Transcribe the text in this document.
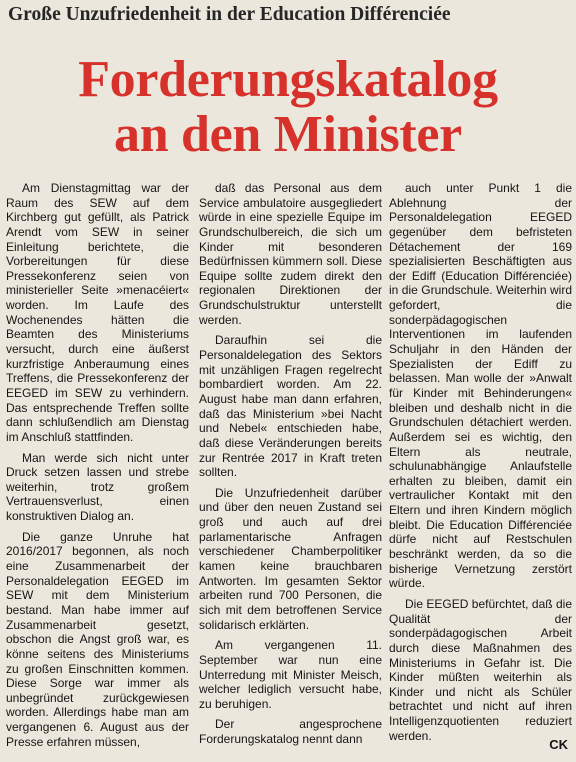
Große Unzufriedenheit in der Education Différenciée
Forderungskatalog
an den Minister

Am Dienstagmittag war der Raum des SEW auf dem Kirchberg gut gefüllt, als Patrick Arendt vom SEW in seiner Einleitung berichtete, die Vorbereitungen für diese Pressekonferenz seien von ministerieller Seite »menacéiert« worden. Im Laufe des Wochenendes hätten die Beamten des Ministeriums versucht, durch eine äußerst kurzfristige Anberaumung eines Treffens, die Pressekonferenz der EEGED im SEW zu verhindern. Das entsprechende Treffen sollte dann schlußendlich am Dienstag im Anschluß stattfinden.

Man werde sich nicht unter Druck setzen lassen und strebe weiterhin, trotz großem Vertrauensverlust, einen konstruktiven Dialog an.

Die ganze Unruhe hat 2016/2017 begonnen, als noch eine Zusammenarbeit der Personaldelegation EEGED im SEW mit dem Ministerium bestand. Man habe immer auf Zusammenarbeit gesetzt, obschon die Angst groß war, es könne seitens des Ministeriums zu großen Einschnitten kommen. Diese Sorge war immer als unbegründet zurückgewiesen worden. Allerdings habe man am vergangenen 6. August aus der Presse erfahren müssen,

daß das Personal aus dem Service ambulatoire ausgegliedert würde in eine spezielle Equipe im Grundschulbereich, die sich um Kinder mit besonderen Bedürfnissen kümmern soll. Diese Equipe sollte zudem direkt den regionalen Direktionen der Grundschulstruktur unterstellt werden.

Daraufhin sei die Personaldelegation des Sektors mit unzähligen Fragen regelrecht bombardiert worden. Am 22. August habe man dann erfahren, daß das Ministerium »bei Nacht und Nebel« entschieden habe, daß diese Veränderungen bereits zur Rentrée 2017 in Kraft treten sollten.

Die Unzufriedenheit darüber und über den neuen Zustand sei groß und auch auf drei parlamentarische Anfragen verschiedener Chamberpolitiker kamen keine brauchbaren Antworten. Im gesamten Sektor arbeiten rund 700 Personen, die sich mit dem betroffenen Service solidarisch erklärten.

Am vergangenen 11. September war nun eine Unterredung mit Minister Meisch, welcher lediglich versucht habe, zu beruhigen.

Der angesprochene Forderungskatalog nennt dann

auch unter Punkt 1 die Ablehnung der Personaldelegation EEGED gegenüber dem befristeten Détachement der 169 spezialisierten Beschäftigten aus der Ediff (Education Différenciée) in die Grundschule. Weiterhin wird gefordert, die sonderpädagogischen Interventionen im laufenden Schuljahr in den Händen der Spezialisten der Ediff zu belassen. Man wolle der »Anwalt für Kinder mit Behinderungen« bleiben und deshalb nicht in die Grundschulen détachiert werden. Außerdem sei es wichtig, den Eltern als neutrale, schulunabhängige Anlaufstelle erhalten zu bleiben, damit ein vertraulicher Kontakt mit den Eltern und ihren Kindern möglich bleibt. Die Education Différenciée dürfe nicht auf Restschulen beschränkt werden, da so die bisherige Vernetzung zerstört würde.

Die EEGED befürchtet, daß die Qualität der sonderpädagogischen Arbeit durch diese Maßnahmen des Ministeriums in Gefahr ist. Die Kinder müßten weiterhin als Kinder und nicht als Schüler betrachtet und nicht auf ihren Intelligenzquotienten reduziert werden.

CK
